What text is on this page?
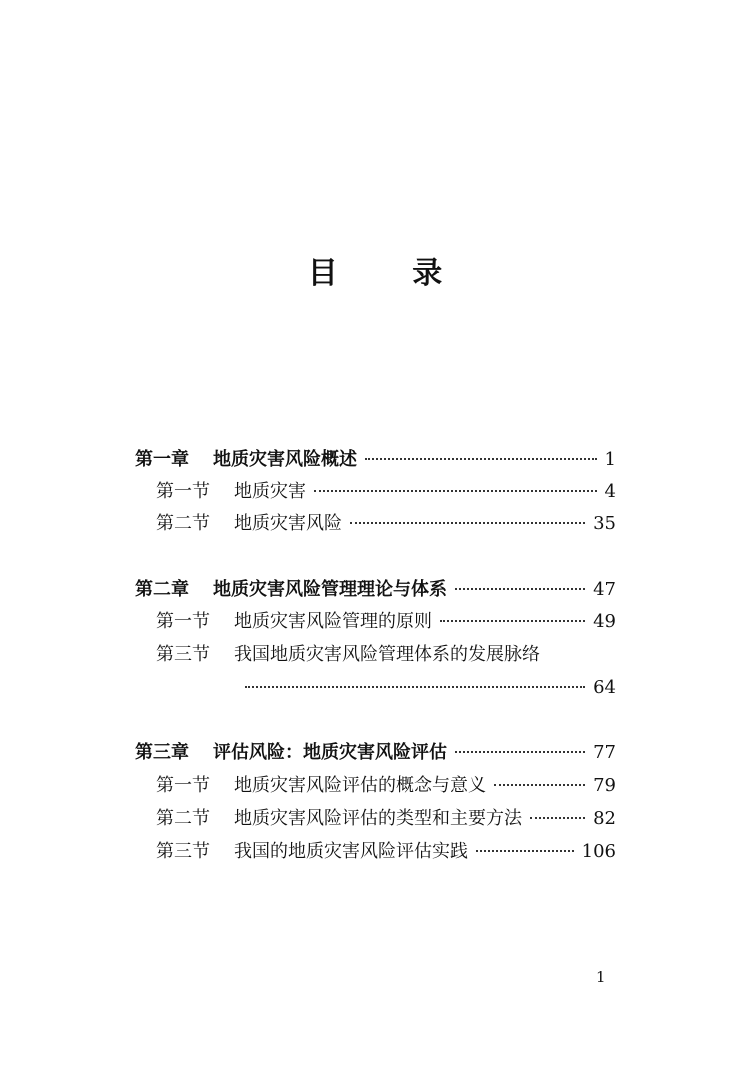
目 录
第一章 地质灾害风险概述	1
第一节 地质灾害	4
第二节 地质灾害风险	35
第二章 地质灾害风险管理理论与体系	47
第一节 地质灾害风险管理的原则	49
第三节 我国地质灾害风险管理体系的发展脉络
64
第三章 评估风险：地质灾害风险评估	77
第一节 地质灾害风险评估的概念与意义	79
第二节 地质灾害风险评估的类型和主要方法	82
第三节 我国的地质灾害风险评估实践	106
1
